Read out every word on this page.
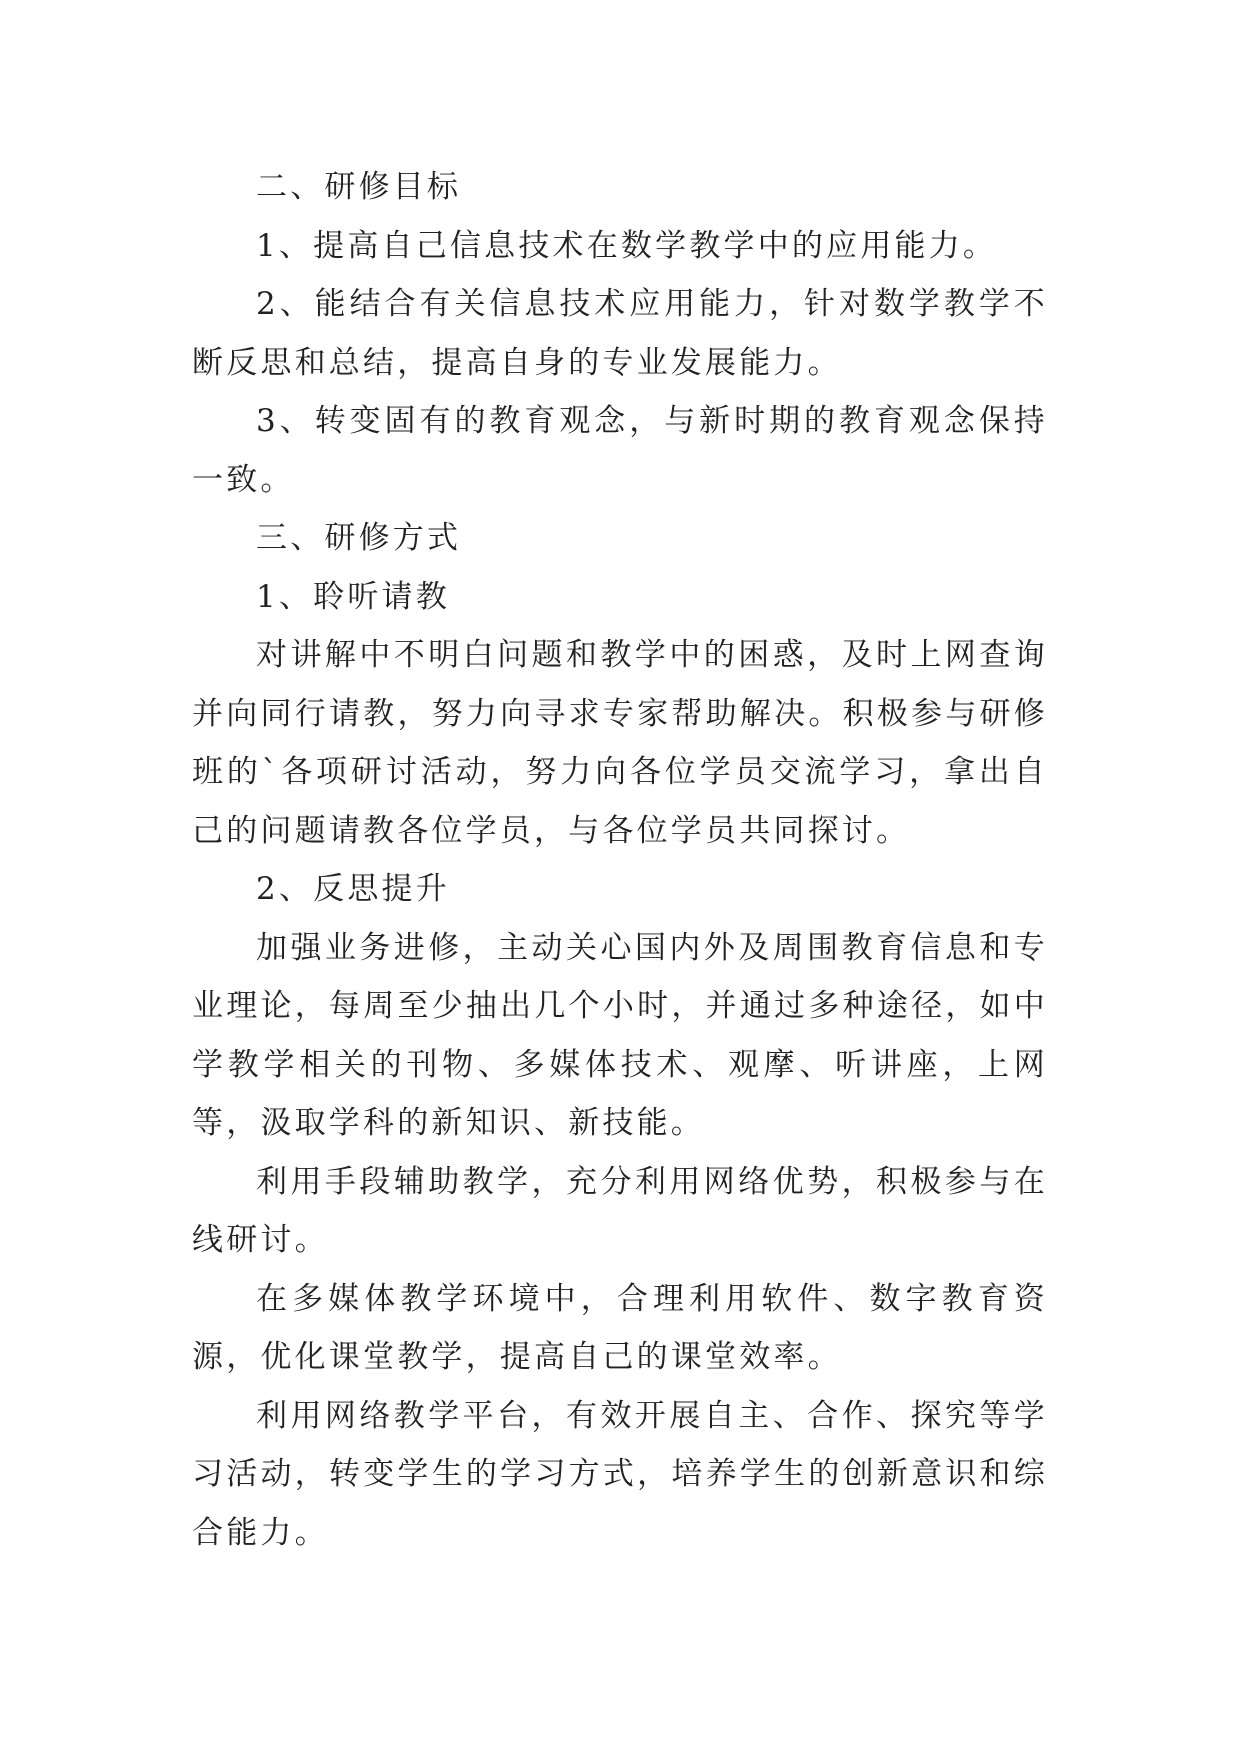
二、研修目标

1、提高自己信息技术在数学教学中的应用能力。

2、能结合有关信息技术应用能力，针对数学教学不断反思和总结，提高自身的专业发展能力。

3、转变固有的教育观念，与新时期的教育观念保持一致。

三、研修方式

1、聆听请教

对讲解中不明白问题和教学中的困惑，及时上网查询并向同行请教，努力向寻求专家帮助解决。积极参与研修班的`各项研讨活动，努力向各位学员交流学习，拿出自己的问题请教各位学员，与各位学员共同探讨。

2、反思提升

加强业务进修，主动关心国内外及周围教育信息和专业理论，每周至少抽出几个小时，并通过多种途径，如中学教学相关的刊物、多媒体技术、观摩、听讲座，上网等，汲取学科的新知识、新技能。

利用手段辅助教学，充分利用网络优势，积极参与在线研讨。

在多媒体教学环境中，合理利用软件、数字教育资源，优化课堂教学，提高自己的课堂效率。

利用网络教学平台，有效开展自主、合作、探究等学习活动，转变学生的学习方式，培养学生的创新意识和综合能力。
